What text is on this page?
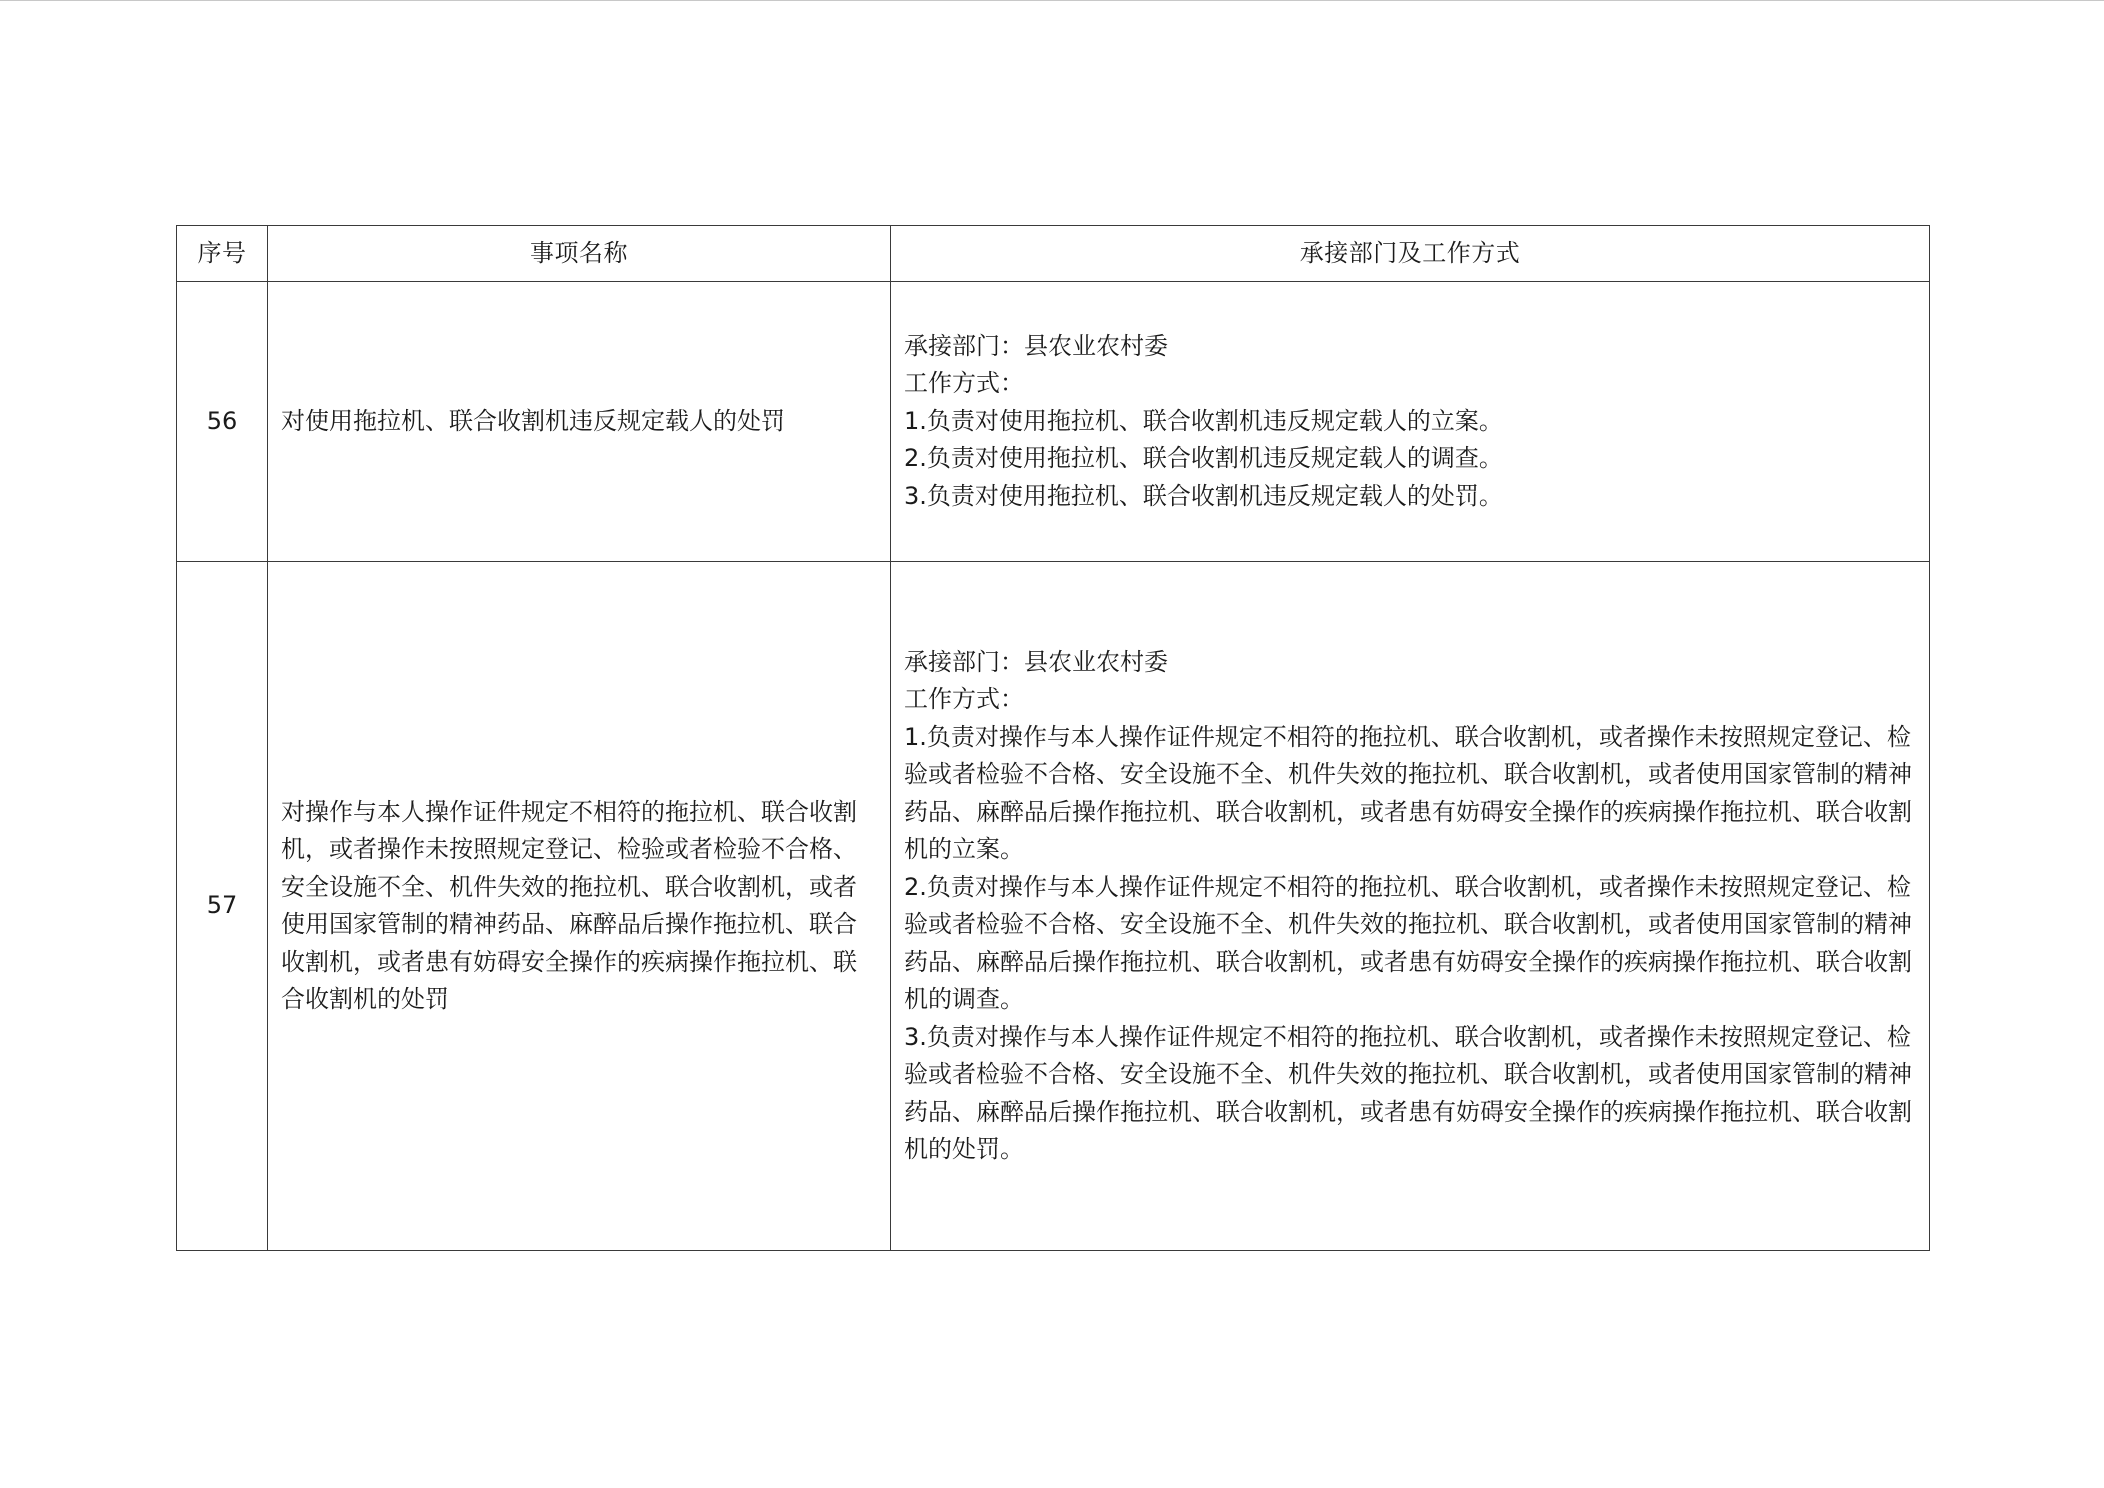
序号	事项名称	承接部门及工作方式
56	对使用拖拉机、联合收割机违反规定载人的处罚	承接部门：县农业农村委
工作方式：
1.负责对使用拖拉机、联合收割机违反规定载人的立案。
2.负责对使用拖拉机、联合收割机违反规定载人的调查。
3.负责对使用拖拉机、联合收割机违反规定载人的处罚。

57	对操作与本人操作证件规定不相符的拖拉机、联合收割机，或者操作未按照规定登记、检验或者检验不合格、安全设施不全、机件失效的拖拉机、联合收割机，或者使用国家管制的精神药品、麻醉品后操作拖拉机、联合收割机，或者患有妨碍安全操作的疾病操作拖拉机、联合收割机的处罚	承接部门：县农业农村委
工作方式：
1.负责对操作与本人操作证件规定不相符的拖拉机、联合收割机，或者操作未按照规定登记、检验或者检验不合格、安全设施不全、机件失效的拖拉机、联合收割机，或者使用国家管制的精神药品、麻醉品后操作拖拉机、联合收割机，或者患有妨碍安全操作的疾病操作拖拉机、联合收割机的立案。
2.负责对操作与本人操作证件规定不相符的拖拉机、联合收割机，或者操作未按照规定登记、检验或者检验不合格、安全设施不全、机件失效的拖拉机、联合收割机，或者使用国家管制的精神药品、麻醉品后操作拖拉机、联合收割机，或者患有妨碍安全操作的疾病操作拖拉机、联合收割机的调查。
3.负责对操作与本人操作证件规定不相符的拖拉机、联合收割机，或者操作未按照规定登记、检验或者检验不合格、安全设施不全、机件失效的拖拉机、联合收割机，或者使用国家管制的精神药品、麻醉品后操作拖拉机、联合收割机，或者患有妨碍安全操作的疾病操作拖拉机、联合收割机的处罚。
